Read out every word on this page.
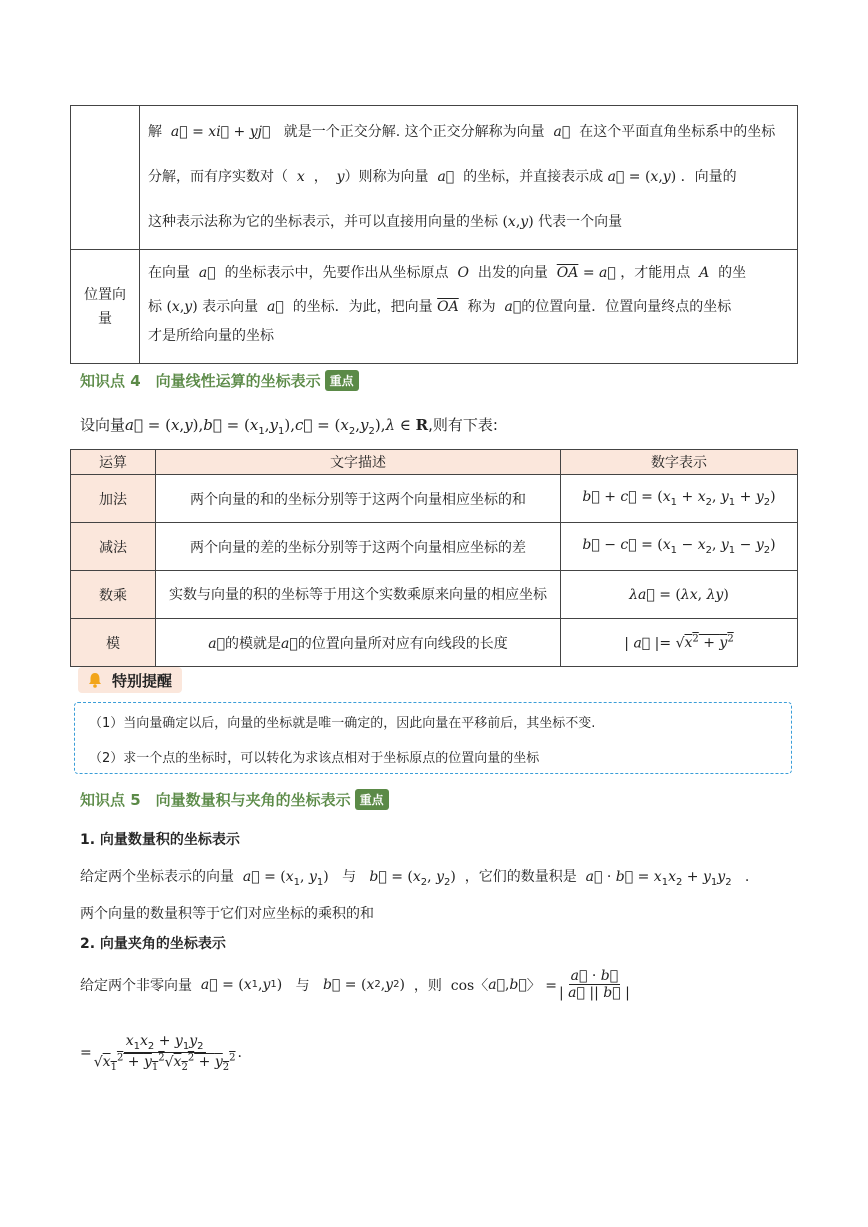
	解  a⃗ = xi⃗ + yj⃗ 就是一个正交分解. 这个正交分解称为向量 a⃗ 在这个平面直角坐标系中的坐标
分解，而有序实数对（ x  ，  y）则称为向量 a⃗ 的坐标，并直接表示成 a⃗ = (x,y) ．向量的
这种表示法称为它的坐标表示，并可以直接用向量的坐标 (x,y) 代表一个向量

位置向量	在向量 a⃗ 的坐标表示中，先要作出从坐标原点 O 出发的向量 $\overline{OA}$ = a⃗ ，才能用点 A 的坐
标 (x,y) 表示向量 a⃗ 的坐标．为此，把向量 $\overline{OA}$ 称为 a⃗的位置向量．位置向量终点的坐标
才是所给向量的坐标
知识点 4　向量线性运算的坐标表示 重点
设向量a⃗ = (x,y),b⃗ = $(x_1,y_1),c⃗ = (x_2,y_2),\lambda$ ∈ R,则有下表:
运算	文字描述	数字表示
加法	两个向量的和的坐标分别等于这两个向量相应坐标的和	b⃗ + c⃗ = ($x_1 + x_2$, $y_1 + y_2$)
减法	两个向量的差的坐标分别等于这两个向量相应坐标的差	b⃗ − c⃗ = ($x_1 - x_2$, $y_1 - y_2$)
数乘	实数与向量的积的坐标等于用这个实数乘原来向量的相应坐标	λa⃗ = (λx, λy)
模	a⃗的模就是a⃗的位置向量所对应有向线段的长度	| a⃗ |= $√x^2 + y^2$
特别提醒
（1）当向量确定以后，向量的坐标就是唯一确定的，因此向量在平移前后，其坐标不变.
（2）求一个点的坐标时，可以转化为求该点相对于坐标原点的位置向量的坐标
知识点 5　向量数量积与夹角的坐标表示 重点
1. 向量数量积的坐标表示
给定两个坐标表示的向量 a⃗ = ($x_1$, $y_1$) 与 b⃗ = ($x_2$, $y_2$) ，它们的数量积是 a⃗ · b⃗ = $x_1x_2 + y_1y_2$   .
两个向量的数量积等于它们对应坐标的乘积的和
2. 向量夹角的坐标表示
给定两个非零向量
a⃗ = ( x 1 , y 1 )
与
b⃗ = ( x 2 , y 2 )
，则
cos〈 a⃗ , b⃗ 〉 = $\frac{a⃗ \cdot b⃗}{| a⃗ || b⃗ |}$
= $\frac{x_1x_2 + y_1y_2}{√x_1^2 + y_1^2√x_2^2 + y_2^2}$ .
